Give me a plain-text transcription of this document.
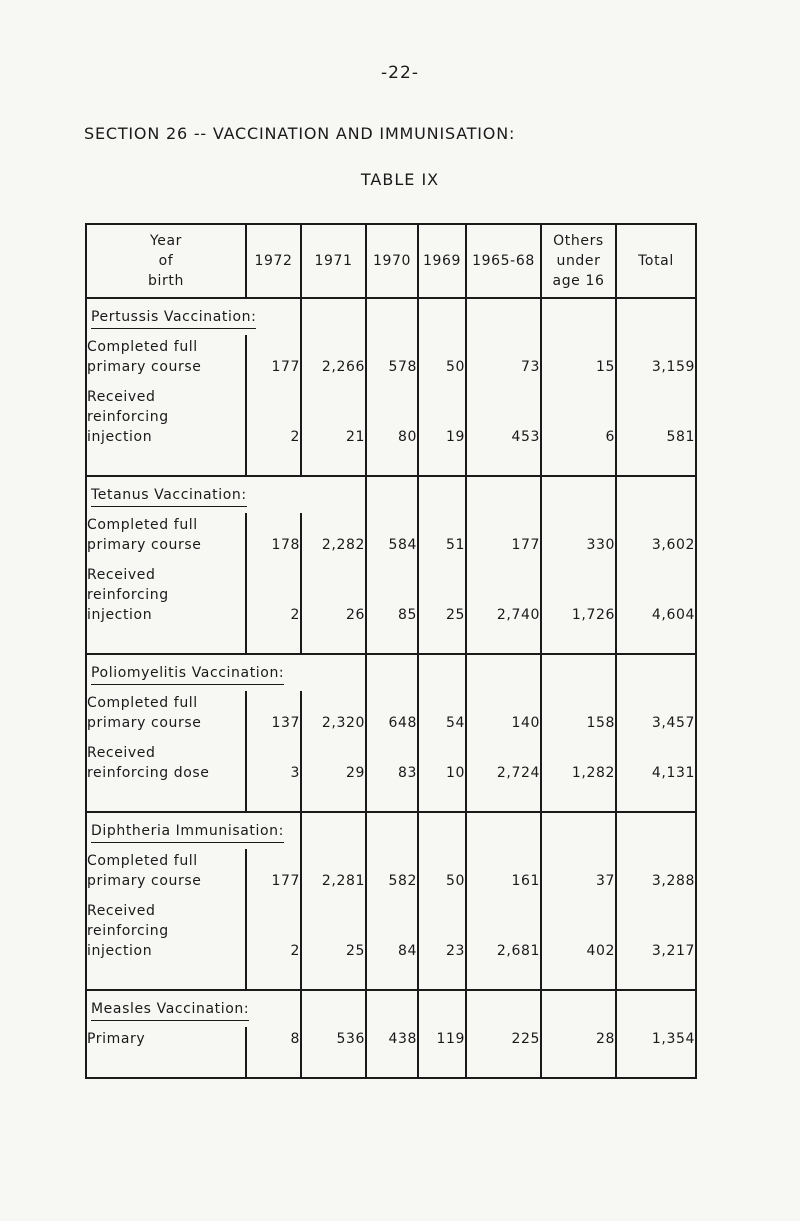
-22-
SECTION 26 -- VACCINATION AND IMMUNISATION:
TABLE IX
Year
of
birth	1972	1971	1970	1969	1965-68	Others
under
age 16	Total
Pertussis Vaccination:							

Completed full
primary course	177	2,266	578	50	73	15	3,159

Received
reinforcing
injection	2	21	80	19	453	6	581
Tetanus Vaccination:							

Completed full
primary course	178	2,282	584	51	177	330	3,602

Received
reinforcing
injection	2	26	85	25	2,740	1,726	4,604
Poliomyelitis Vaccination:							

Completed full
primary course	137	2,320	648	54	140	158	3,457

Received
reinforcing dose	3	29	83	10	2,724	1,282	4,131
Diphtheria Immunisation:							

Completed full
primary course	177	2,281	582	50	161	37	3,288

Received
reinforcing
injection	2	25	84	23	2,681	402	3,217
Measles Vaccination:							

Primary	8	536	438	119	225	28	1,354
